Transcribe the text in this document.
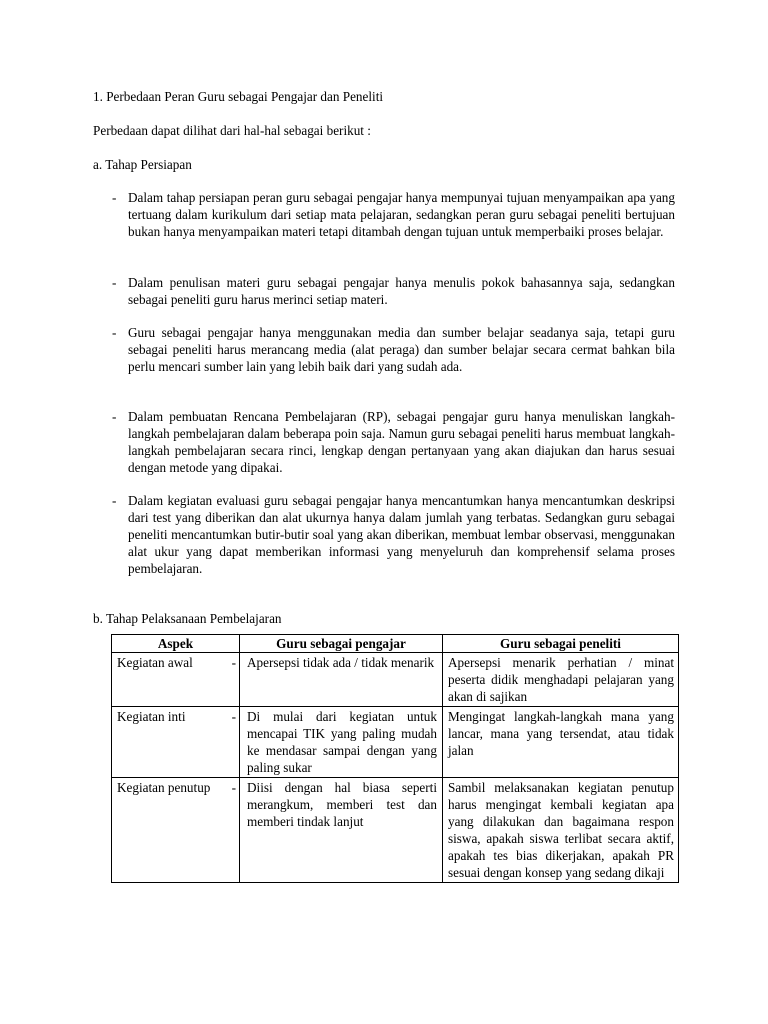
1. Perbedaan Peran Guru sebagai Pengajar dan Peneliti
Perbedaan dapat dilihat dari hal-hal sebagai berikut :
a. Tahap Persiapan
- Dalam tahap persiapan peran guru sebagai pengajar hanya mempunyai tujuan menyampaikan apa yang tertuang dalam kurikulum dari setiap mata pelajaran, sedangkan peran guru sebagai peneliti bertujuan bukan hanya menyampaikan materi tetapi ditambah dengan tujuan untuk memperbaiki proses belajar.
- Dalam penulisan materi guru sebagai pengajar hanya menulis pokok bahasannya saja, sedangkan sebagai peneliti guru harus merinci setiap materi.
- Guru sebagai pengajar hanya menggunakan media dan sumber belajar seadanya saja, tetapi guru sebagai peneliti harus merancang media (alat peraga) dan sumber belajar secara cermat bahkan bila perlu mencari sumber lain yang lebih baik dari yang sudah ada.
- Dalam pembuatan Rencana Pembelajaran (RP), sebagai pengajar guru hanya menuliskan langkah-langkah pembelajaran dalam beberapa poin saja. Namun guru sebagai peneliti harus membuat langkah-langkah pembelajaran secara rinci, lengkap dengan pertanyaan yang akan diajukan dan harus sesuai dengan metode yang dipakai.
- Dalam kegiatan evaluasi guru sebagai pengajar hanya mencantumkan hanya mencantumkan deskripsi dari test yang diberikan dan alat ukurnya hanya dalam jumlah yang terbatas. Sedangkan guru sebagai peneliti mencantumkan butir-butir soal yang akan diberikan, membuat lembar observasi, menggunakan alat ukur yang dapat memberikan informasi yang menyeluruh dan komprehensif selama proses pembelajaran.
b. Tahap Pelaksanaan Pembelajaran
Aspek	Guru sebagai pengajar	Guru sebagai peneliti
Kegiatan awal -	Apersepsi tidak ada / tidak menarik	Apersepsi menarik perhatian / minat peserta didik menghadapi pelajaran yang akan di sajikan
Kegiatan inti -	Di mulai dari kegiatan untuk mencapai TIK yang paling mudah ke mendasar sampai dengan yang paling sukar	Mengingat langkah-langkah mana yang lancar, mana yang tersendat, atau tidak jalan
Kegiatan penutup -	Diisi dengan hal biasa seperti merangkum, memberi test dan memberi tindak lanjut	Sambil melaksanakan kegiatan penutup harus mengingat kembali kegiatan apa yang dilakukan dan bagaimana respon siswa, apakah siswa terlibat secara aktif, apakah tes bias dikerjakan, apakah PR sesuai dengan konsep yang sedang dikaji
